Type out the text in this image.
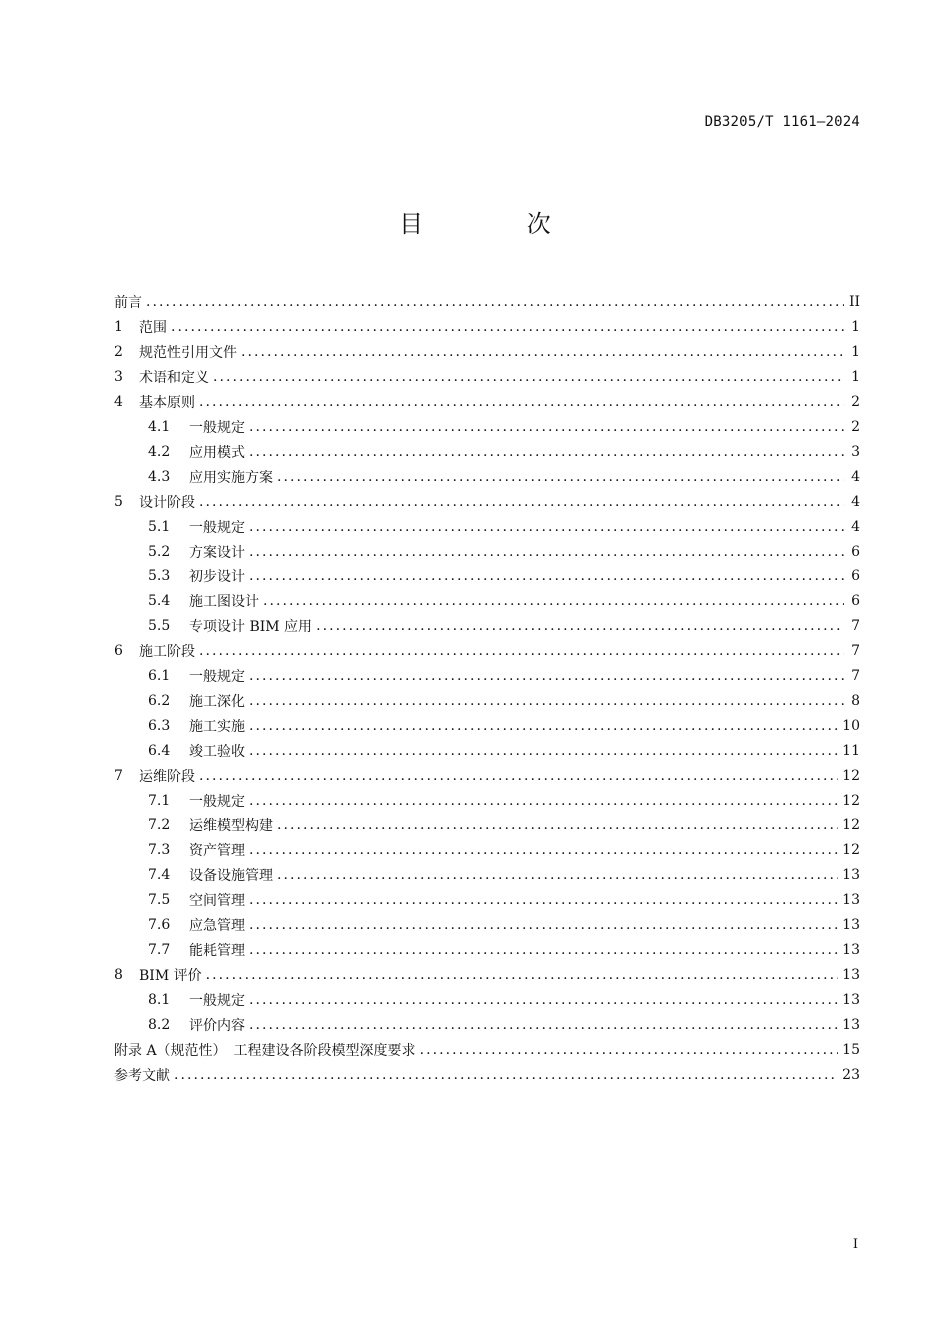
DB3205/T 1161—2024
目 次
前言 . . .	II
1	范围 . . .	1
2	规范性引用文件 . . .	1
3	术语和定义 . . .	1
4	基本原则 . . .	2
4.1	一般规定 . . .	2
4.2	应用模式 . . .	3
4.3	应用实施方案 . . .	4
5	设计阶段 . . .	4
5.1	一般规定 . . .	4
5.2	方案设计 . . .	6
5.3	初步设计 . . .	6
5.4	施工图设计 . . .	6
5.5	专项设计 BIM 应用 . . .	7
6	施工阶段 . . .	7
6.1	一般规定 . . .	7
6.2	施工深化 . . .	8
6.3	施工实施 . . .	10
6.4	竣工验收 . . .	11
7	运维阶段 . . .	12
7.1	一般规定 . . .	12
7.2	运维模型构建 . . .	12
7.3	资产管理 . . .	12
7.4	设备设施管理 . . .	13
7.5	空间管理 . . .	13
7.6	应急管理 . . .	13
7.7	能耗管理 . . .	13
8	BIM 评价 . . .	13
8.1	一般规定 . . .	13
8.2	评价内容 . . .	13
附录 A（规范性）　工程建设各阶段模型深度要求 . . .	15
参考文献 . . .	23
I
